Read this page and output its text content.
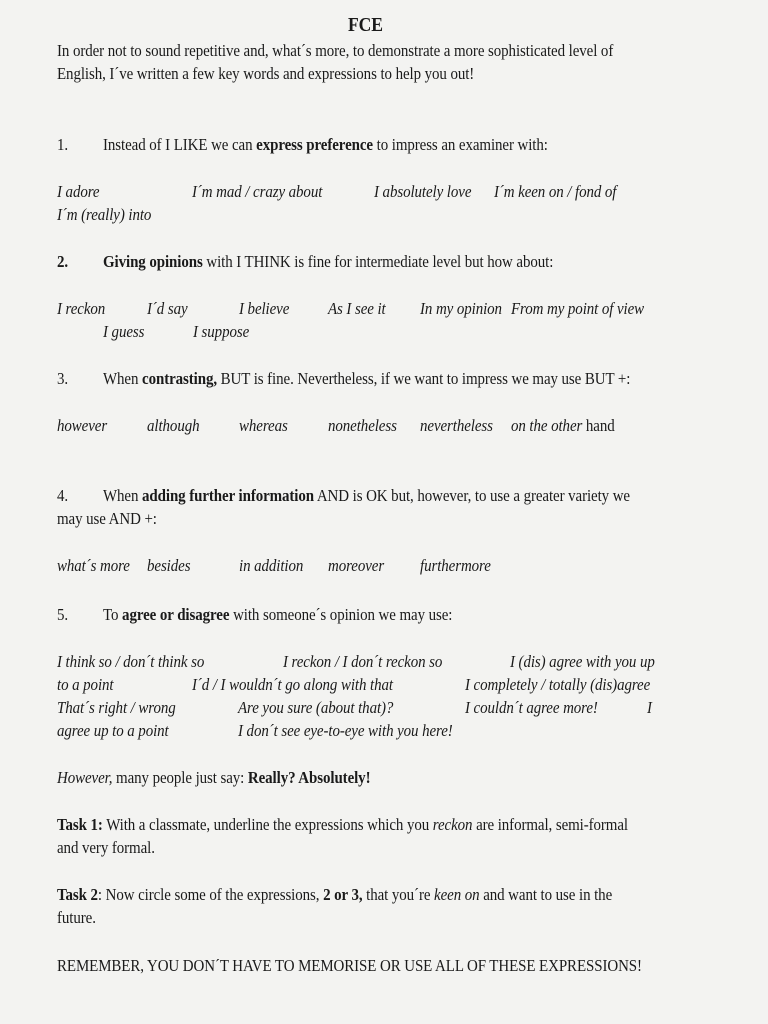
FCE
In order not to sound repetitive and, what´s more, to demonstrate a more sophisticated level of
English, I´ve written a few key words and expressions to help you out!
1. Instead of I LIKE we can express preference to impress an examiner with:
I adore	I´m mad / crazy about	I absolutely love I´m keen on / fond of
I´m (really) into
2. Giving opinions with I THINK is fine for intermediate level but how about:
I reckon I´d say	I believe As I see it In my opinion From my point of view
I guess	I suppose
3. When contrasting, BUT is fine. Nevertheless, if we want to impress we may use BUT +:
however although whereas nonetheless nevertheless on the other hand
4. When adding further information AND is OK but, however, to use a greater variety we
may use AND +:
what´s more besides	in addition moreover furthermore
5. To agree or disagree with someone´s opinion we may use:
I think so / don´t think so	I reckon / I don´t reckon so	I (dis) agree with you up
to a point	I´d / I wouldn´t go along with that	I completely / totally (dis)agree
That´s right / wrong	Are you sure (about that)?	I couldn´t agree more!	I
agree up to a point	I don´t see eye-to-eye with you here!
However, many people just say: Really? Absolutely!
Task 1: With a classmate, underline the expressions which you reckon are informal, semi-formal
and very formal.
Task 2: Now circle some of the expressions, 2 or 3, that you´re keen on and want to use in the
future.
REMEMBER, YOU DON´T HAVE TO MEMORISE OR USE ALL OF THESE EXPRESSIONS!
